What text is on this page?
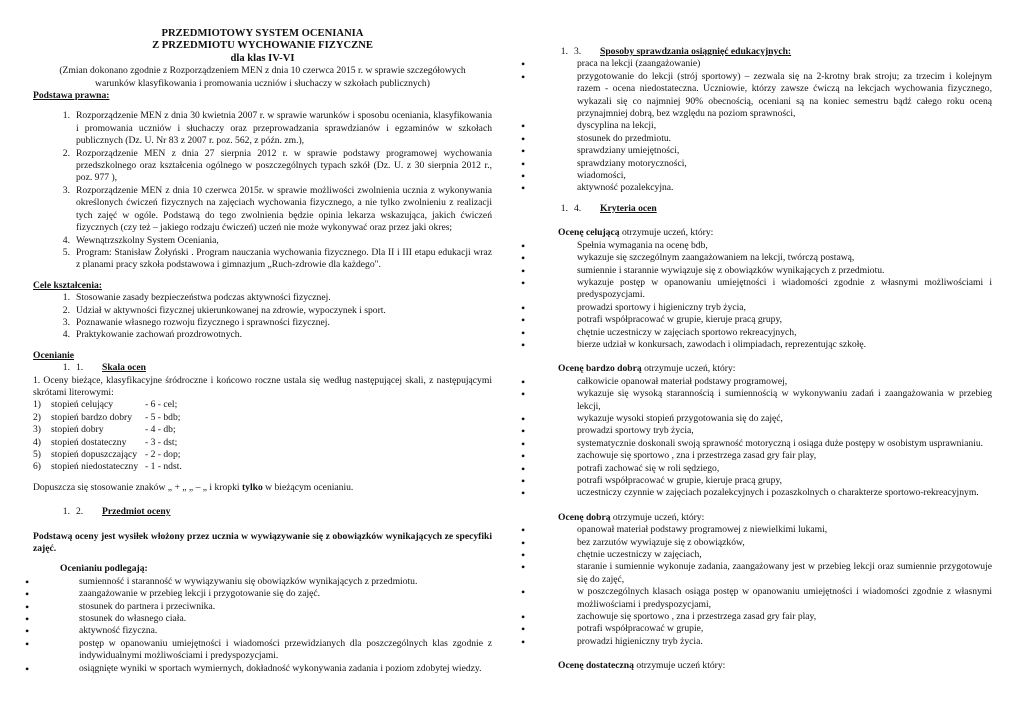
PRZEDMIOTOWY SYSTEM OCENIANIA
Z PRZEDMIOTU WYCHOWANIE FIZYCZNE
dla klas IV-VI
(Zmian dokonano zgodnie z Rozporządzeniem MEN z dnia 10 czerwca 2015 r. w sprawie szczegółowych warunków klasyfikowania i promowania uczniów i słuchaczy w szkołach publicznych)
Podstawa prawna:
1. Rozporządzenie MEN z dnia 30 kwietnia 2007 r. w sprawie warunków i sposobu oceniania, klasyfikowania i promowania uczniów i słuchaczy oraz przeprowadzania sprawdzianów i egzaminów w szkołach publicznych (Dz. U. Nr 83 z 2007 r. poz. 562, z późn. zm.),
2. Rozporządzenie MEN z dnia 27 sierpnia 2012 r. w sprawie podstawy programowej wychowania przedszkolnego oraz kształcenia ogólnego w poszczególnych typach szkół (Dz. U. z 30 sierpnia 2012 r., poz. 977 ),
3. Rozporządzenie MEN z dnia 10 czerwca 2015r. w sprawie możliwości zwolnienia ucznia z wykonywania określonych ćwiczeń fizycznych na zajęciach wychowania fizycznego, a nie tylko zwolnieniu z realizacji tych zajęć w ogóle. Podstawą do tego zwolnienia będzie opinia lekarza wskazująca, jakich ćwiczeń fizycznych (czy też – jakiego rodzaju ćwiczeń) uczeń nie może wykonywać oraz przez jaki okres;
4. Wewnątrzszkolny System Oceniania,
5. Program: Stanisław Żołyński . Program nauczania wychowania fizycznego. Dla II i III etapu edukacji wraz z planami pracy szkoła podstawowa i gimnazjum „Ruch-zdrowie dla każdego".
Cele kształcenia:
1. Stosowanie zasady bezpieczeństwa podczas aktywności fizycznej.
2. Udział w aktywności fizycznej ukierunkowanej na zdrowie, wypoczynek i sport.
3. Poznawanie własnego rozwoju fizycznego i sprawności fizycznej.
4. Praktykowanie zachowań prozdrowotnych.
Ocenianie
1. 1.	Skala ocen
1. Oceny bieżące, klasyfikacyjne śródroczne i końcowo roczne ustala się według następującej skali, z następującymi skrótami literowymi:
1)	stopień celujący	- 6 - cel;
2)	stopień bardzo dobry	- 5 - bdb;
3)	stopień dobry	- 4 - db;
4)	stopień dostateczny	- 3 - dst;
5)	stopień dopuszczający - 2 - dop;
6)	stopień niedostateczny - 1 - ndst.
Dopuszcza się stosowanie znaków „ + „ „ – „ i kropki tylko w bieżącym ocenianiu.
1. 2.	Przedmiot oceny
Podstawą oceny jest wysiłek włożony przez ucznia w wywiązywanie się z obowiązków wynikających ze specyfiki zajęć.
Ocenianiu podlegają:
• sumienność i staranność w wywiązywaniu się obowiązków wynikających z przedmiotu.
• zaangażowanie w przebieg lekcji i przygotowanie się do zajęć.
• stosunek do partnera i przeciwnika.
• stosunek do własnego ciała.
• aktywność fizyczna.
• postęp w opanowaniu umiejętności i wiadomości przewidzianych dla poszczególnych klas zgodnie z indywidualnymi możliwościami i predyspozycjami.
• osiągnięte wyniki w sportach wymiernych, dokładność wykonywania zadania i poziom zdobytej wiedzy.
1. 3.	Sposoby sprawdzania osiągnięć edukacyjnych:
• praca na lekcji (zaangażowanie)
• przygotowanie do lekcji (strój sportowy) – zezwala się na 2-krotny brak stroju; za trzecim i kolejnym razem - ocena niedostateczna. Uczniowie, którzy zawsze ćwiczą na lekcjach wychowania fizycznego, wykazali się co najmniej 90% obecnością, oceniani są na koniec semestru bądź całego roku oceną przynajmniej dobrą, bez względu na poziom sprawności,
• dyscyplina na lekcji,
• stosunek do przedmiotu.
• sprawdziany umiejętności,
• sprawdziany motoryczności,
• wiadomości,
• aktywność pozalekcyjna.
1. 4.	Kryteria ocen
Ocenę celującą otrzymuje uczeń, który:
• Spełnia wymagania na ocenę bdb,
• wykazuje się szczególnym zaangażowaniem na lekcji, twórczą postawą,
• sumiennie i starannie wywiązuje się z obowiązków wynikających z przedmiotu.
• wykazuje postęp w opanowaniu umiejętności i wiadomości zgodnie z własnymi możliwościami i predyspozycjami.
• prowadzi sportowy i higieniczny tryb życia,
• potrafi współpracować w grupie, kieruje pracą grupy,
• chętnie uczestniczy w zajęciach sportowo rekreacyjnych,
• bierze udział w konkursach, zawodach i olimpiadach, reprezentując szkołę.
Ocenę bardzo dobrą otrzymuje uczeń, który:
• całkowicie opanował materiał podstawy programowej,
• wykazuje się wysoką starannością i sumiennością w wykonywaniu zadań i zaangażowania w przebieg lekcji,
• wykazuje wysoki stopień przygotowania się do zajęć,
• prowadzi sportowy tryb życia,
• systematycznie doskonali swoją sprawność motoryczną i osiąga duże postępy w osobistym usprawnianiu.
• zachowuje się sportowo , zna i przestrzega zasad gry fair play,
• potrafi zachować się w roli sędziego,
• potrafi współpracować w grupie, kieruje pracą grupy,
• uczestniczy czynnie w zajęciach pozalekcyjnych i pozaszkolnych o charakterze sportowo-rekreacyjnym.
Ocenę dobrą otrzymuje uczeń, który:
• opanował materiał podstawy programowej z niewielkimi lukami,
• bez zarzutów wywiązuje się z obowiązków,
• chętnie uczestniczy w zajęciach,
• staranie i sumiennie wykonuje zadania, zaangażowany jest w przebieg lekcji oraz sumiennie przygotowuje się do zajęć,
• w poszczególnych klasach osiąga postęp w opanowaniu umiejętności i wiadomości zgodnie z własnymi możliwościami i predyspozycjami,
• zachowuje się sportowo , zna i przestrzega zasad gry fair play,
• potrafi współpracować w grupie,
• prowadzi higieniczny tryb życia.
Ocenę dostateczną otrzymuje uczeń który:
